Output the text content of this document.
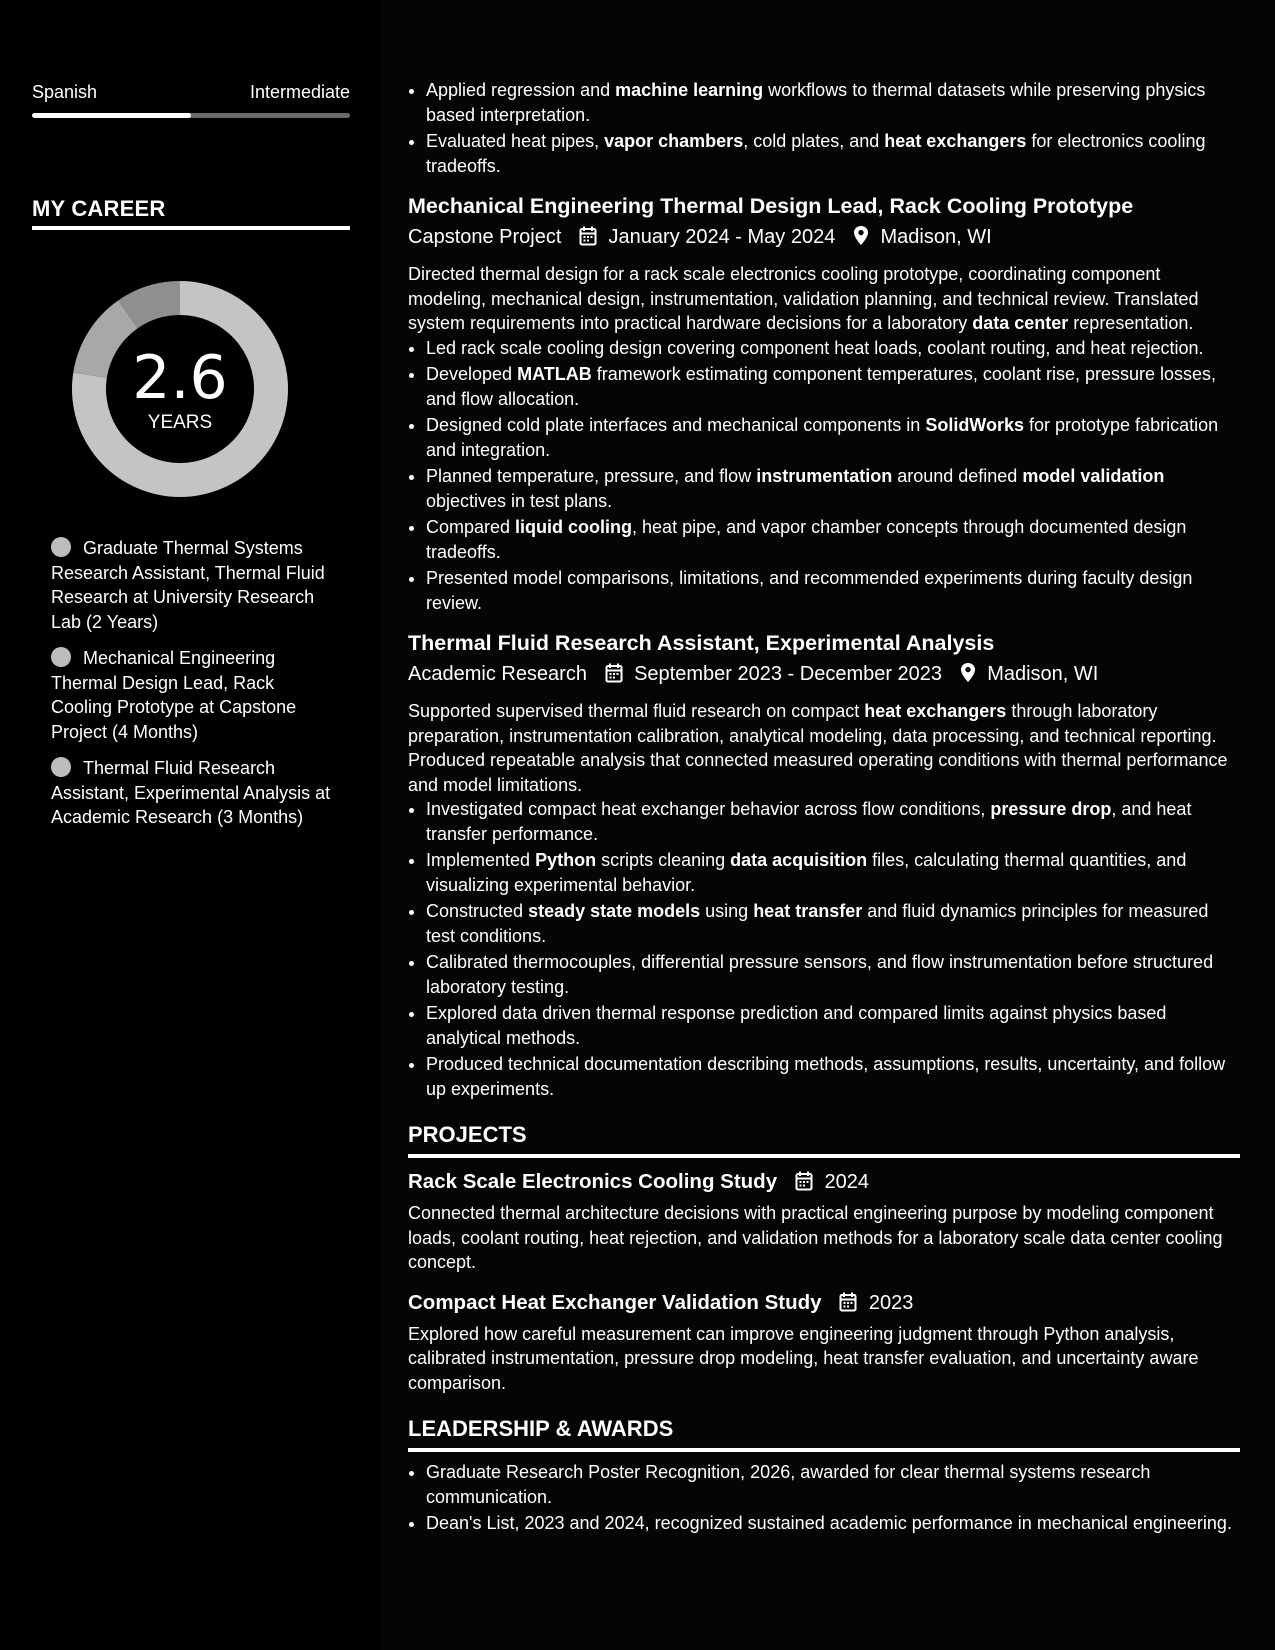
Spanish	Intermediate
MY CAREER
2.6
YEARS
Graduate Thermal Systems Research Assistant, Thermal Fluid Research at University Research Lab (2 Years)
Mechanical Engineering Thermal Design Lead, Rack Cooling Prototype at Capstone Project (4 Months)
Thermal Fluid Research Assistant, Experimental Analysis at Academic Research (3 Months)
• Applied regression and machine learning workflows to thermal datasets while preserving physics based interpretation.
• Evaluated heat pipes, vapor chambers, cold plates, and heat exchangers for electronics cooling tradeoffs.
Mechanical Engineering Thermal Design Lead, Rack Cooling Prototype
Capstone Project January 2024 - May 2024 Madison, WI
Directed thermal design for a rack scale electronics cooling prototype, coordinating component modeling, mechanical design, instrumentation, validation planning, and technical review. Translated system requirements into practical hardware decisions for a laboratory data center representation.
• Led rack scale cooling design covering component heat loads, coolant routing, and heat rejection.
• Developed MATLAB framework estimating component temperatures, coolant rise, pressure losses, and flow allocation.
• Designed cold plate interfaces and mechanical components in SolidWorks for prototype fabrication and integration.
• Planned temperature, pressure, and flow instrumentation around defined model validation objectives in test plans.
• Compared liquid cooling, heat pipe, and vapor chamber concepts through documented design tradeoffs.
• Presented model comparisons, limitations, and recommended experiments during faculty design review.
Thermal Fluid Research Assistant, Experimental Analysis
Academic Research September 2023 - December 2023 Madison, WI
Supported supervised thermal fluid research on compact heat exchangers through laboratory preparation, instrumentation calibration, analytical modeling, data processing, and technical reporting. Produced repeatable analysis that connected measured operating conditions with thermal performance and model limitations.
• Investigated compact heat exchanger behavior across flow conditions, pressure drop, and heat transfer performance.
• Implemented Python scripts cleaning data acquisition files, calculating thermal quantities, and visualizing experimental behavior.
• Constructed steady state models using heat transfer and fluid dynamics principles for measured test conditions.
• Calibrated thermocouples, differential pressure sensors, and flow instrumentation before structured laboratory testing.
• Explored data driven thermal response prediction and compared limits against physics based analytical methods.
• Produced technical documentation describing methods, assumptions, results, uncertainty, and follow up experiments.
PROJECTS
Rack Scale Electronics Cooling Study 2024
Connected thermal architecture decisions with practical engineering purpose by modeling component loads, coolant routing, heat rejection, and validation methods for a laboratory scale data center cooling concept.
Compact Heat Exchanger Validation Study 2023
Explored how careful measurement can improve engineering judgment through Python analysis, calibrated instrumentation, pressure drop modeling, heat transfer evaluation, and uncertainty aware comparison.
LEADERSHIP & AWARDS
• Graduate Research Poster Recognition, 2026, awarded for clear thermal systems research communication.
• Dean's List, 2023 and 2024, recognized sustained academic performance in mechanical engineering.
